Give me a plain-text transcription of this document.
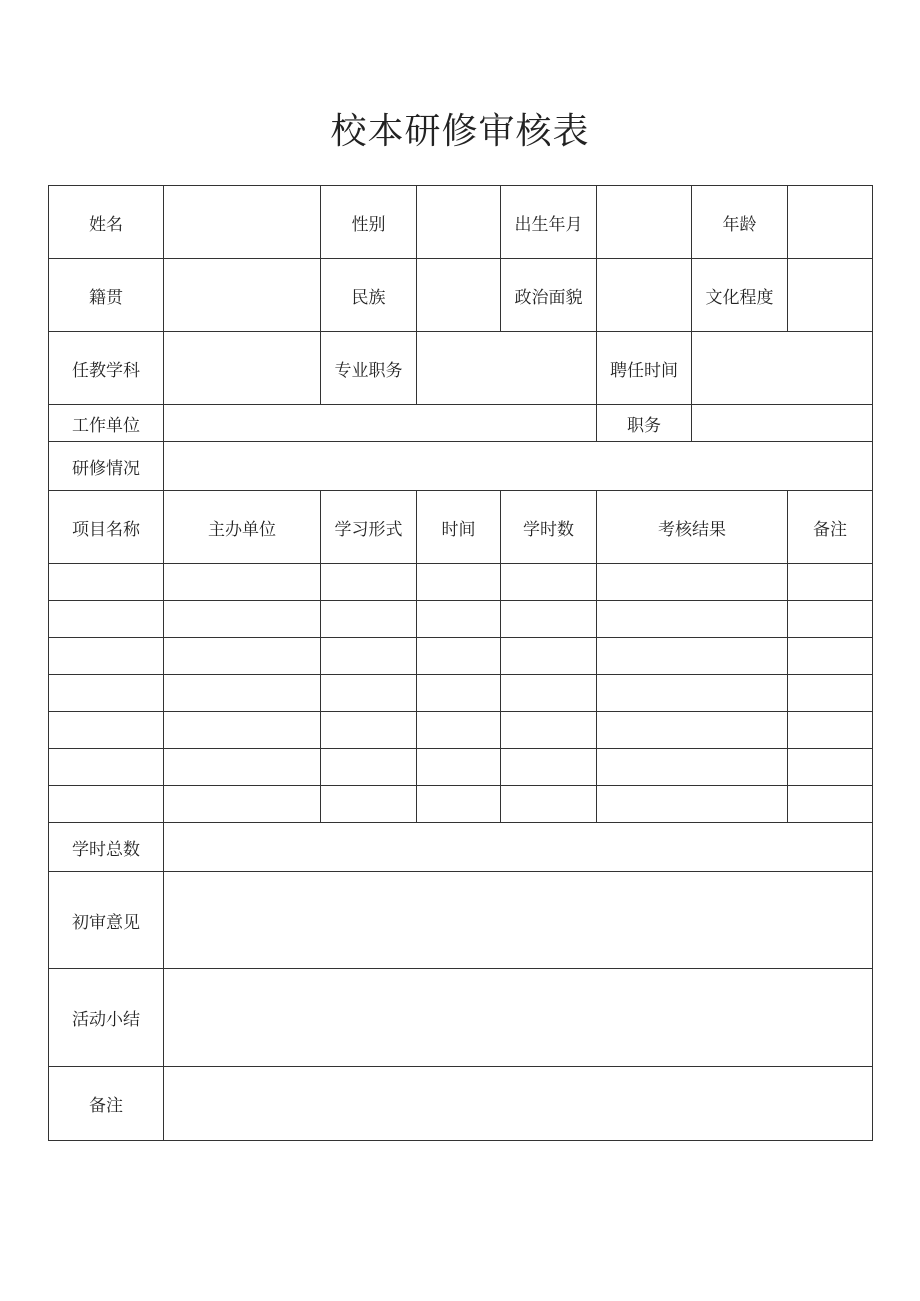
校本研修审核表
姓名		性别		出生年月		年龄	
籍贯		民族		政治面貌		文化程度	
任教学科		专业职务			聘任时间		
工作单位					职务		
研修情况							
项目名称	主办单位	学习形式	时间	学时数	考核结果		备注

学时总数							
初审意见							
活动小结							
备注							
